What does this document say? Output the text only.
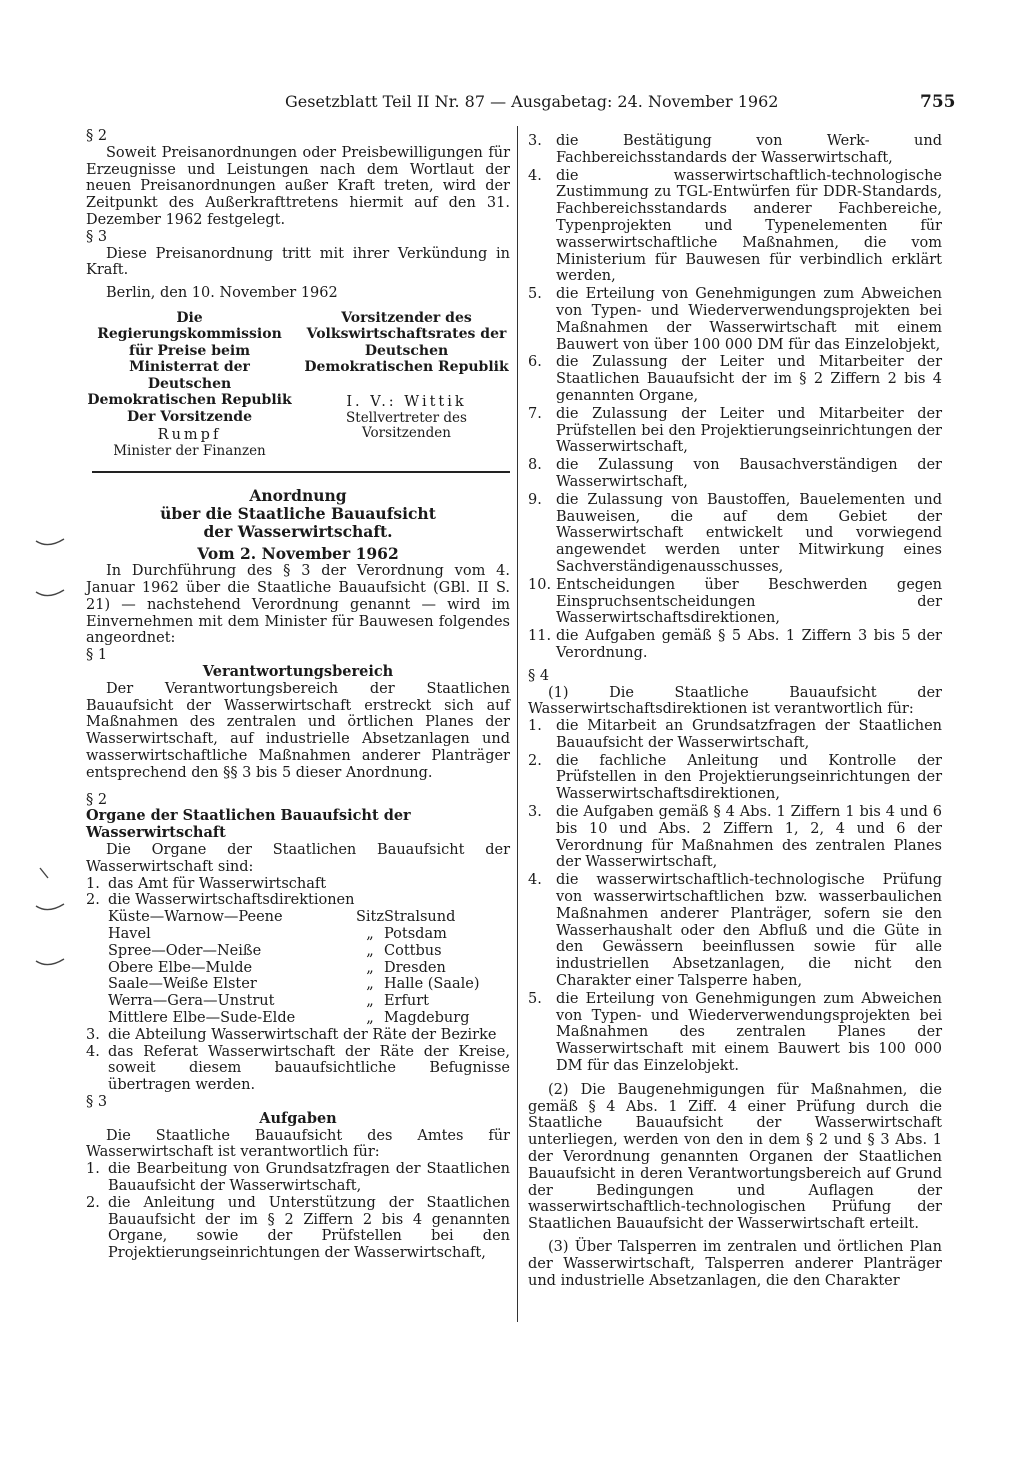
Gesetzblatt Teil II Nr. 87 — Ausgabetag: 24. November 1962	755

§ 2

Soweit Preisanordnungen oder Preisbewilligungen für Erzeugnisse und Leistungen nach dem Wortlaut der neuen Preisanordnungen außer Kraft treten, wird der Zeitpunkt des Außerkrafttretens hiermit auf den 31. Dezember 1962 festgelegt.

§ 3

Diese Preisanordnung tritt mit ihrer Verkündung in Kraft.

Berlin, den 10. November 1962

Die Regierungskommission für Preise beim Ministerrat der Deutschen Demokratischen Republik Der Vorsitzende
Rumpf
Minister der Finanzen
Vorsitzender des Volkswirtschaftsrates der Deutschen Demokratischen Republik
I. V.: Wittik
Stellvertreter des Vorsitzenden
Anordnung
über die Staatliche Bauaufsicht
der Wasserwirtschaft.
Vom 2. November 1962

In Durchführung des § 3 der Verordnung vom 4. Januar 1962 über die Staatliche Bauaufsicht (GBl. II S. 21) — nachstehend Verordnung genannt — wird im Einvernehmen mit dem Minister für Bauwesen folgendes angeordnet:

§ 1

Verantwortungsbereich

Der Verantwortungsbereich der Staatlichen Bauaufsicht der Wasserwirtschaft erstreckt sich auf Maßnahmen des zentralen und örtlichen Planes der Wasserwirtschaft, auf industrielle Absetzanlagen und wasserwirtschaftliche Maßnahmen anderer Planträger entsprechend den §§ 3 bis 5 dieser Anordnung.

§ 2

Organe der Staatlichen Bauaufsicht der Wasserwirtschaft

Die Organe der Staatlichen Bauaufsicht der Wasserwirtschaft sind:

1. das Amt für Wasserwirtschaft
2. die Wasserwirtschaftsdirektionen
Küste—Warnow—Peene	Sitz	Stralsund
Havel	„	Potsdam
Spree—Oder—Neiße	„	Cottbus
Obere Elbe—Mulde	„	Dresden
Saale—Weiße Elster	„	Halle (Saale)
Werra—Gera—Unstrut	„	Erfurt
Mittlere Elbe—Sude-Elde	„	Magdeburg
3. die Abteilung Wasserwirtschaft der Räte der Bezirke
4. das Referat Wasserwirtschaft der Räte der Kreise, soweit diesem bauaufsichtliche Befugnisse übertragen werden.

§ 3

Aufgaben

Die Staatliche Bauaufsicht des Amtes für Wasserwirtschaft ist verantwortlich für:

1. die Bearbeitung von Grundsatzfragen der Staatlichen Bauaufsicht der Wasserwirtschaft,
2. die Anleitung und Unterstützung der Staatlichen Bauaufsicht der im § 2 Ziffern 2 bis 4 genannten Organe, sowie der Prüfstellen bei den Projektierungseinrichtungen der Wasserwirtschaft,
3. die Bestätigung von Werk- und Fachbereichsstandards der Wasserwirtschaft,
4. die wasserwirtschaftlich-technologische Zustimmung zu TGL-Entwürfen für DDR-Standards, Fachbereichsstandards anderer Fachbereiche, Typenprojekten und Typenelementen für wasserwirtschaftliche Maßnahmen, die vom Ministerium für Bauwesen für verbindlich erklärt werden,
5. die Erteilung von Genehmigungen zum Abweichen von Typen- und Wiederverwendungsprojekten bei Maßnahmen der Wasserwirtschaft mit einem Bauwert von über 100 000 DM für das Einzelobjekt,
6. die Zulassung der Leiter und Mitarbeiter der Staatlichen Bauaufsicht der im § 2 Ziffern 2 bis 4 genannten Organe,
7. die Zulassung der Leiter und Mitarbeiter der Prüfstellen bei den Projektierungseinrichtungen der Wasserwirtschaft,
8. die Zulassung von Bausachverständigen der Wasserwirtschaft,
9. die Zulassung von Baustoffen, Bauelementen und Bauweisen, die auf dem Gebiet der Wasserwirtschaft entwickelt und vorwiegend angewendet werden unter Mitwirkung eines Sachverständigenausschusses,
10. Entscheidungen über Beschwerden gegen Einspruchsentscheidungen der Wasserwirtschaftsdirektionen,
11. die Aufgaben gemäß § 5 Abs. 1 Ziffern 3 bis 5 der Verordnung.

§ 4

(1) Die Staatliche Bauaufsicht der Wasserwirtschaftsdirektionen ist verantwortlich für:

1. die Mitarbeit an Grundsatzfragen der Staatlichen Bauaufsicht der Wasserwirtschaft,
2. die fachliche Anleitung und Kontrolle der Prüfstellen in den Projektierungseinrichtungen der Wasserwirtschaftsdirektionen,
3. die Aufgaben gemäß § 4 Abs. 1 Ziffern 1 bis 4 und 6 bis 10 und Abs. 2 Ziffern 1, 2, 4 und 6 der Verordnung für Maßnahmen des zentralen Planes der Wasserwirtschaft,
4. die wasserwirtschaftlich-technologische Prüfung von wasserwirtschaftlichen bzw. wasserbaulichen Maßnahmen anderer Planträger, sofern sie den Wasserhaushalt oder den Abfluß und die Güte in den Gewässern beeinflussen sowie für alle industriellen Absetzanlagen, die nicht den Charakter einer Talsperre haben,
5. die Erteilung von Genehmigungen zum Abweichen von Typen- und Wiederverwendungsprojekten bei Maßnahmen des zentralen Planes der Wasserwirtschaft mit einem Bauwert bis 100 000 DM für das Einzelobjekt.

(2) Die Baugenehmigungen für Maßnahmen, die gemäß § 4 Abs. 1 Ziff. 4 einer Prüfung durch die Staatliche Bauaufsicht der Wasserwirtschaft unterliegen, werden von den in dem § 2 und § 3 Abs. 1 der Verordnung genannten Organen der Staatlichen Bauaufsicht in deren Verantwortungsbereich auf Grund der Bedingungen und Auflagen der wasserwirtschaftlich-technologischen Prüfung der Staatlichen Bauaufsicht der Wasserwirtschaft erteilt.

(3) Über Talsperren im zentralen und örtlichen Plan der Wasserwirtschaft, Talsperren anderer Planträger und industrielle Absetzanlagen, die den Charakter
